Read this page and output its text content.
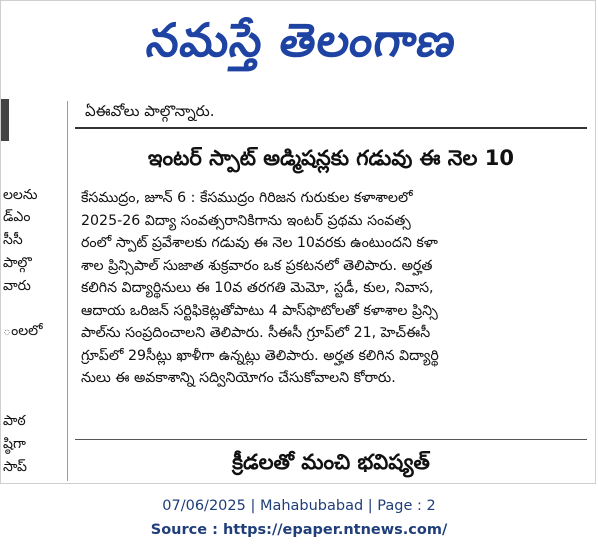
నమస్తే తెలంగాణ
లలను
డ్‌ఎం
సీసీ
పాల్గొ
వారు
ంలలో
పాఠ
ష్ఠిగా
సాప్
ఏఈవోలు పాల్గొన్నారు.
ఇంటర్ స్పాట్ అడ్మిషన్లకు గడువు ఈ నెల 10
కేసముద్రం, జూన్ 6 : కేసముద్రం గిరిజన గురుకుల కళాశాలలో
2025-26 విద్యా సంవత్సరానికిగాను ఇంటర్ ప్రథమ సంవత్స
రంలో స్పాట్ ప్రవేశాలకు గడువు ఈ నెల 10వరకు ఉంటుందని కళా
శాల ప్రిన్సిపాల్ సుజాత శుక్రవారం ఒక ప్రకటనలో తెలిపారు. అర్హత
కలిగిన విద్యార్థినులు ఈ 10వ తరగతి మెమో, స్టడీ, కుల, నివాస,
ఆదాయ ఒరిజన్ సర్టిఫికెట్లతోపాటు 4 పాస్‌ఫొటోలతో కళాశాల ప్రిన్సి
పాల్‌ను సంప్రదించాలని తెలిపారు. సీఈసీ గ్రూప్‌లో 21, హెచ్‌ఈసీ
గ్రూప్‌లో 29సీట్లు ఖాళీగా ఉన్నట్లు తెలిపారు. అర్హత కలిగిన విద్యార్థి
నులు ఈ అవకాశాన్ని సద్వినియోగం చేసుకోవాలని కోరారు.
క్రీడలతో మంచి భవిష్యత్
07/06/2025 | Mahabubabad | Page : 2
Source : https://epaper.ntnews.com/
